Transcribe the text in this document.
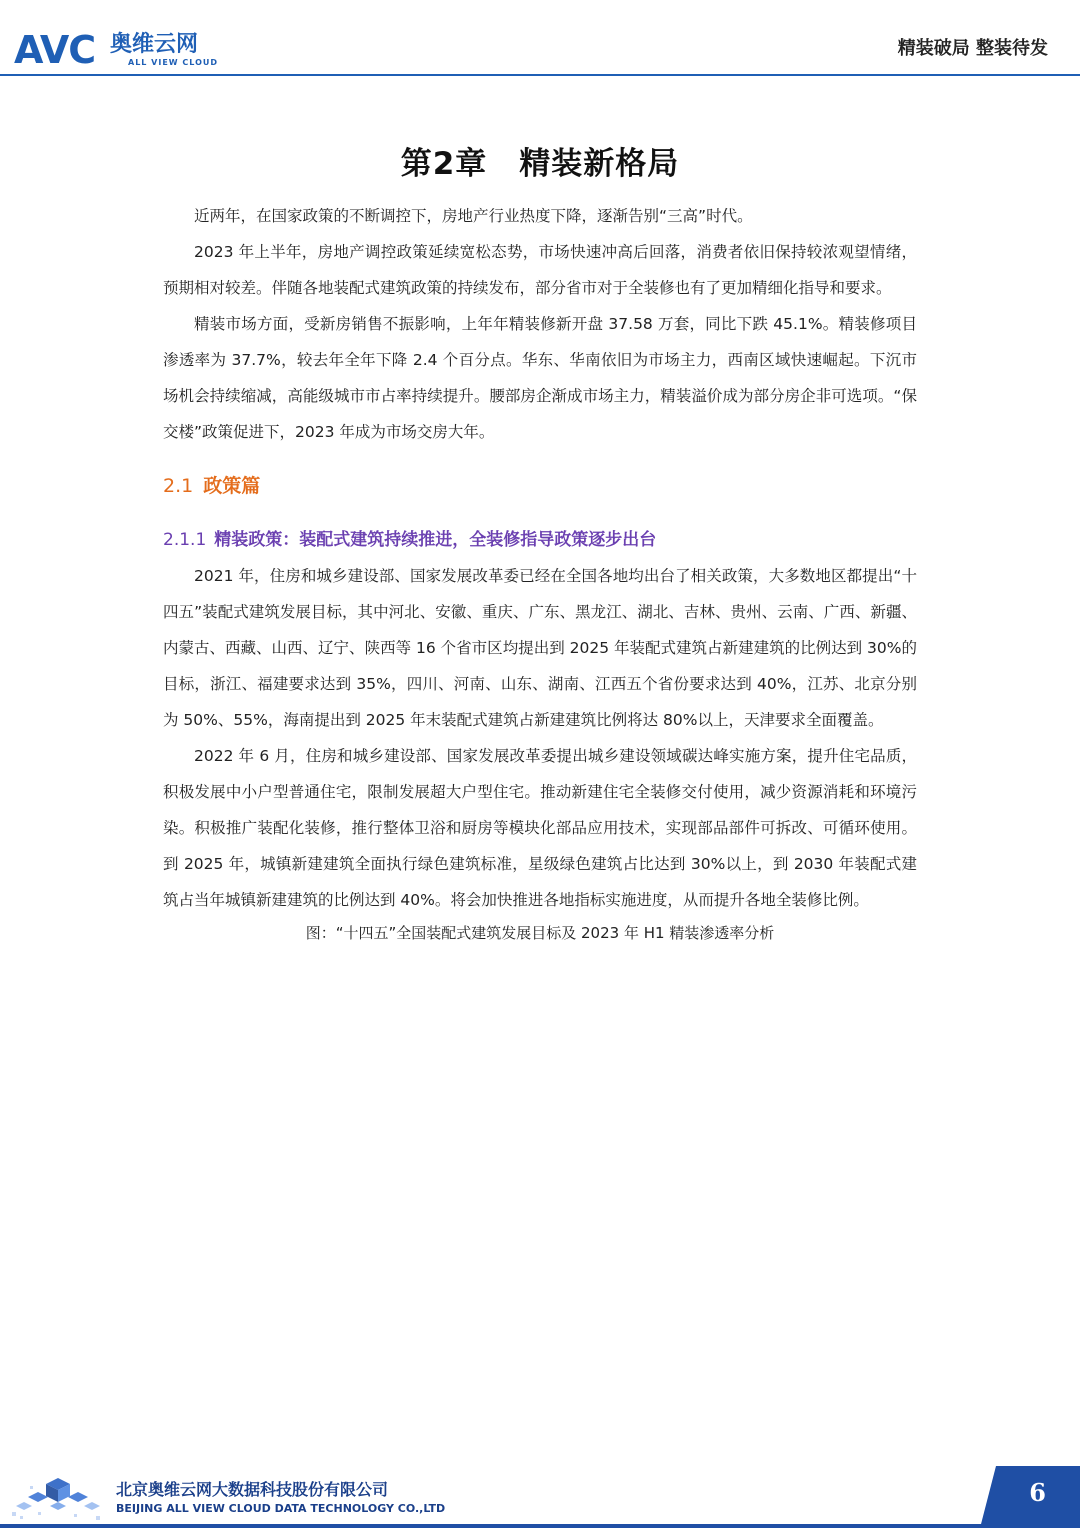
AVC 奥维云网
ALL VIEW CLOUD
精装破局 整装待发
第2章　精装新格局

近两年，在国家政策的不断调控下，房地产行业热度下降，逐渐告别“三高”时代。

2023 年上半年，房地产调控政策延续宽松态势，市场快速冲高后回落，消费者依旧保持较浓观望情绪，预期相对较差。伴随各地装配式建筑政策的持续发布，部分省市对于全装修也有了更加精细化指导和要求。

精装市场方面，受新房销售不振影响，上年年精装修新开盘 37.58 万套，同比下跌 45.1%。精装修项目渗透率为 37.7%，较去年全年下降 2.4 个百分点。华东、华南依旧为市场主力，西南区域快速崛起。下沉市场机会持续缩减，高能级城市市占率持续提升。腰部房企渐成市场主力，精装溢价成为部分房企非可选项。“保交楼”政策促进下，2023 年成为市场交房大年。

2.1 政策篇
2.1.1 精装政策：装配式建筑持续推进，全装修指导政策逐步出台

2021 年，住房和城乡建设部、国家发展改革委已经在全国各地均出台了相关政策，大多数地区都提出“十四五”装配式建筑发展目标，其中河北、安徽、重庆、广东、黑龙江、湖北、吉林、贵州、云南、广西、新疆、内蒙古、西藏、山西、辽宁、陕西等 16 个省市区均提出到 2025 年装配式建筑占新建建筑的比例达到 30%的目标，浙江、福建要求达到 35%，四川、河南、山东、湖南、江西五个省份要求达到 40%，江苏、北京分别为 50%、55%，海南提出到 2025 年末装配式建筑占新建建筑比例将达 80%以上，天津要求全面覆盖。

2022 年 6 月，住房和城乡建设部、国家发展改革委提出城乡建设领域碳达峰实施方案，提升住宅品质，积极发展中小户型普通住宅，限制发展超大户型住宅。推动新建住宅全装修交付使用，减少资源消耗和环境污染。积极推广装配化装修，推行整体卫浴和厨房等模块化部品应用技术，实现部品部件可拆改、可循环使用。到 2025 年，城镇新建建筑全面执行绿色建筑标准，星级绿色建筑占比达到 30%以上，到 2030 年装配式建筑占当年城镇新建建筑的比例达到 40%。将会加快推进各地指标实施进度，从而提升各地全装修比例。

图：“十四五”全国装配式建筑发展目标及 2023 年 H1 精装渗透率分析

北京奥维云网大数据科技股份有限公司
BEIJING ALL VIEW CLOUD DATA TECHNOLOGY CO.,LTD
6
